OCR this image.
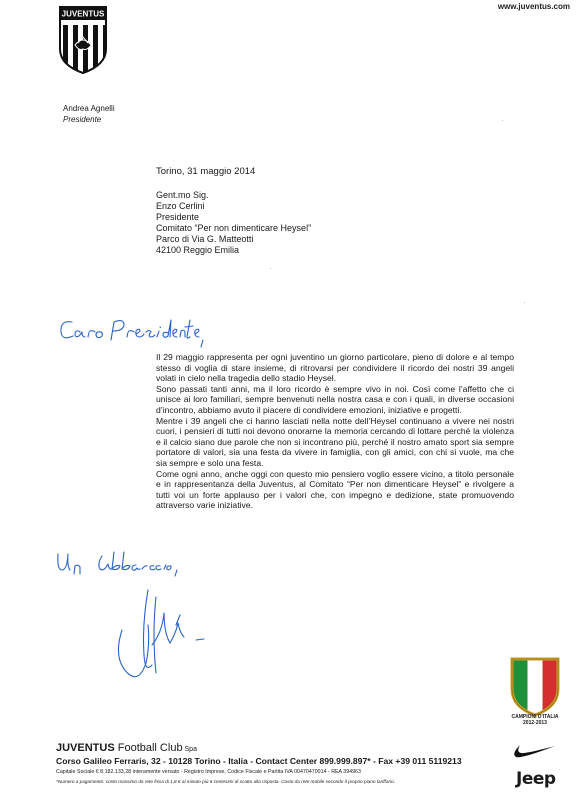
www.juventus.com
JUVENTUS
Andrea Agnelli
Presidente
Torino, 31 maggio 2014
Gent.mo Sig.
Enzo Cerlini
Presidente
Comitato “Per non dimenticare Heysel”
Parco di Via G. Matteotti
42100 Reggio Emilia

Il 29 maggio rappresenta per ogni juventino un giorno particolare, pieno di dolore e al tempo stesso di voglia di stare insieme, di ritrovarsi per condividere il ricordo dei nostri 39 angeli volati in cielo nella tragedia dello stadio Heysel.

Sono passati tanti anni, ma il loro ricordo è sempre vivo in noi. Così come l’affetto che ci unisce ai loro familiari, sempre benvenuti nella nostra casa e con i quali, in diverse occasioni d’incontro, abbiamo avuto il piacere di condividere emozioni, iniziative e progetti.

Mentre i 39 angeli che ci hanno lasciati nella notte dell’Heysel continuano a vivere nei nostri cuori, i pensieri di tutti noi devono onorarne la memoria cercando di lottare perché la violenza e il calcio siano due parole che non si incontrano più, perché il nostro amato sport sia sempre portatore di valori, sia una festa da vivere in famiglia, con gli amici, con chi si vuole, ma che sia sempre e solo una festa.

Come ogni anno, anche oggi con questo mio pensiero voglio essere vicino, a titolo personale e in rappresentanza della Juventus, al Comitato “Per non dimenticare Heysel” e rivolgere a tutti voi un forte applauso per i valori che, con impegno e dedizione, state promuovendo attraverso varie iniziative.

CAMPIONI D'ITALIA
2012-2013
JUVENTUS Football Club Spa
Corso Galileo Ferraris, 32 - 10128 Torino - Italia - Contact Center 899.999.897* - Fax +39 011 5119213
Capitale Sociale € 8.182.133,28 interamente versato - Registro Imprese, Codice Fiscale e Partita IVA 00470470014 - REA 394963
*Numero a pagamento: costo massimo da rete fissa di 1,8 € al minuto più 6 centesimi di scatto alla risposta. Costo da rete mobile secondo il proprio piano tariffario.	Jeep
